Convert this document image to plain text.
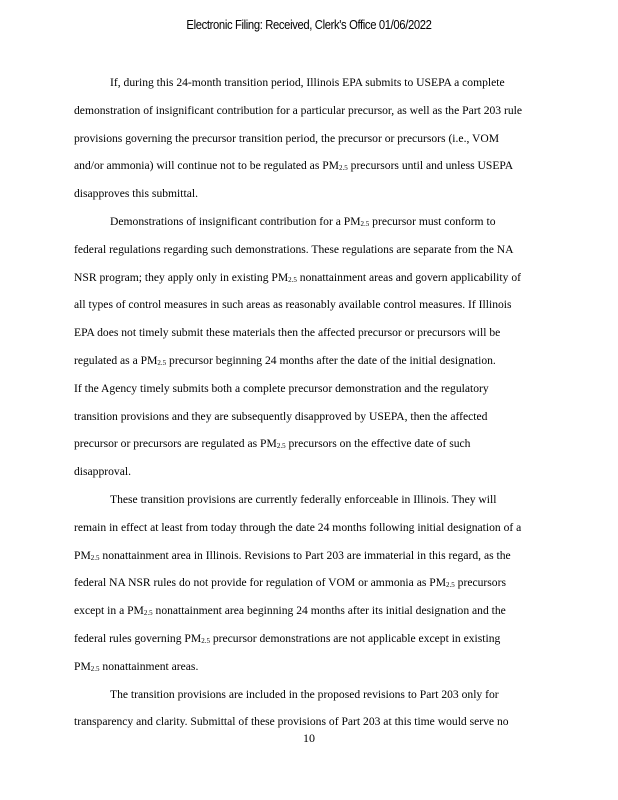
Electronic Filing: Received, Clerk's Office 01/06/2022
If, during this 24-month transition period, Illinois EPA submits to USEPA a complete
demonstration of insignificant contribution for a particular precursor, as well as the Part 203 rule
provisions governing the precursor transition period, the precursor or precursors (i.e., VOM
and/or ammonia) will continue not to be regulated as $PM_{2.5}$ precursors until and unless USEPA
disapproves this submittal.
Demonstrations of insignificant contribution for a $PM_{2.5}$ precursor must conform to
federal regulations regarding such demonstrations. These regulations are separate from the NA
NSR program; they apply only in existing $PM_{2.5}$ nonattainment areas and govern applicability of
all types of control measures in such areas as reasonably available control measures. If Illinois
EPA does not timely submit these materials then the affected precursor or precursors will be
regulated as a $PM_{2.5}$ precursor beginning 24 months after the date of the initial designation.
If the Agency timely submits both a complete precursor demonstration and the regulatory
transition provisions and they are subsequently disapproved by USEPA, then the affected
precursor or precursors are regulated as $PM_{2.5}$ precursors on the effective date of such
disapproval.
These transition provisions are currently federally enforceable in Illinois. They will
remain in effect at least from today through the date 24 months following initial designation of a
$PM_{2.5}$ nonattainment area in Illinois. Revisions to Part 203 are immaterial in this regard, as the
federal NA NSR rules do not provide for regulation of VOM or ammonia as $PM_{2.5}$ precursors
except in a $PM_{2.5}$ nonattainment area beginning 24 months after its initial designation and the
federal rules governing $PM_{2.5}$ precursor demonstrations are not applicable except in existing
$PM_{2.5}$ nonattainment areas.
The transition provisions are included in the proposed revisions to Part 203 only for
transparency and clarity. Submittal of these provisions of Part 203 at this time would serve no
10
